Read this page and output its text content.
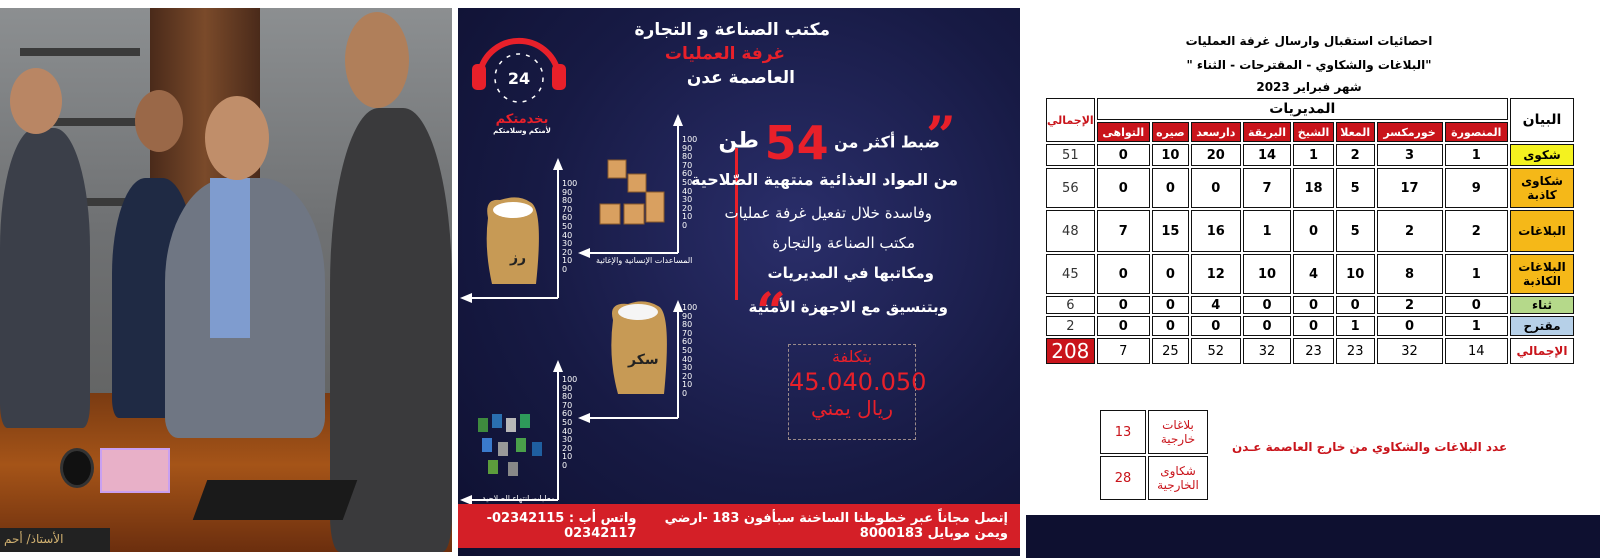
الأستاذ/ أحم
24
بخدمتكم
لأمنكم وسلامتكم
مكتب الصناعة و التجارة
غرفة العمليات
العاصمة عدن
رز
سكر
المساعدات الإنسانية والإغاثية
معلبات انتهاء الصلاحية
100
90
80
70
60
50
40
30
20
10
0
100
90
80
70
60
50
40
30
20
10
0
100
90
80
70
60
50
40
30
20
10
0
100
90
80
70
60
50
40
30
20
10
0
”
“
ضبط أكثر من 54 طن
من المواد الغذائية منتهية الصّلاحية
وفاسدة خلال تفعيل غرفة عمليات
مكتب الصناعة والتجارة
ومكاتبها في المديريات
وبتنسيق مع الاجهزة الأمنية
بتكلفة
45.040.050
ريال يمني
إتصل مجاناً عبر خطوطنا الساخنة سبأفون 183 -ارضي ويمن موبايل 8000183
واتس أب : 02342115-02342117
احصائيات استقبال وارسال غرفة العمليات
"البلاغات والشكاوي - المقترحات - الثناء "
شهر فبراير 2023
البيان	المديريات								الإجمالي
	المنصورة	خورمكسر	المعلا	الشيخ	البريقة	دارسعد	صيره	التواهى	
شكوى	1	3	2	1	14	20	10	0	51
شكاوى كاذبة	9	17	5	18	7	0	0	0	56
البلاغات	2	2	5	0	1	16	15	7	48
البلاغات الكاذبة	1	8	10	4	10	12	0	0	45
ثناء	0	2	0	0	0	4	0	0	6
مقترح	1	0	1	0	0	0	0	0	2
الإجمالي	14	32	23	23	32	52	25	7	208
بلاغات خارجية	13
شكاوى الخارجية	28
عدد البلاغات والشكاوي من خارج العاصمة عـدن
